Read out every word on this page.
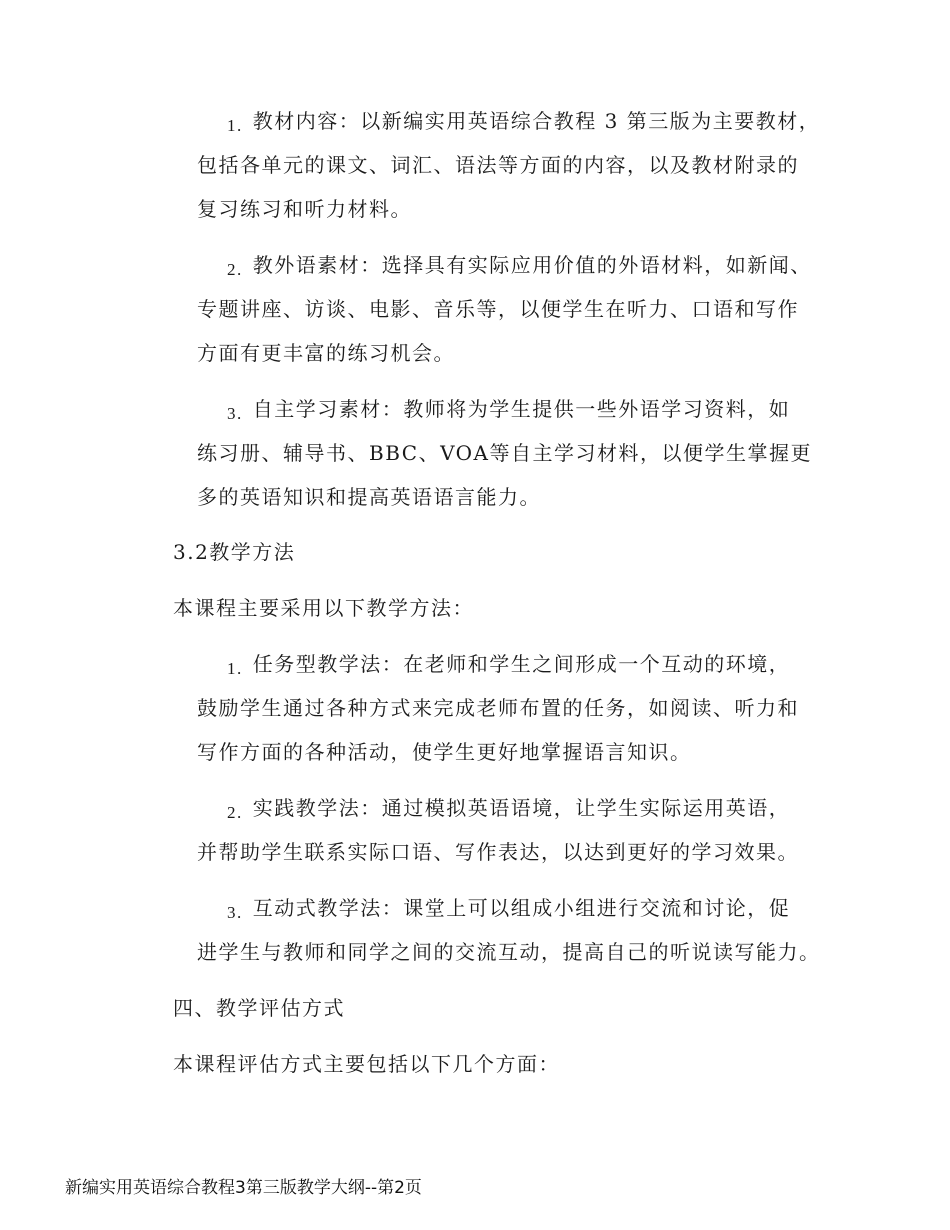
1. 教材内容：以新编实用英语综合教程 3 第三版为主要教材，
包括各单元的课文、词汇、语法等方面的内容，以及教材附录的
复习练习和听力材料。
2. 教外语素材：选择具有实际应用价值的外语材料，如新闻、
专题讲座、访谈、电影、音乐等，以便学生在听力、口语和写作
方面有更丰富的练习机会。
3. 自主学习素材：教师将为学生提供一些外语学习资料，如
练习册、辅导书、BBC、VOA等自主学习材料，以便学生掌握更
多的英语知识和提高英语语言能力。
3.2教学方法
本课程主要采用以下教学方法：
1. 任务型教学法：在老师和学生之间形成一个互动的环境，
鼓励学生通过各种方式来完成老师布置的任务，如阅读、听力和
写作方面的各种活动，使学生更好地掌握语言知识。
2. 实践教学法：通过模拟英语语境，让学生实际运用英语，
并帮助学生联系实际口语、写作表达，以达到更好的学习效果。
3. 互动式教学法：课堂上可以组成小组进行交流和讨论，促
进学生与教师和同学之间的交流互动，提高自己的听说读写能力。
四、教学评估方式
本课程评估方式主要包括以下几个方面：
新编实用英语综合教程3第三版教学大纲--第2页
